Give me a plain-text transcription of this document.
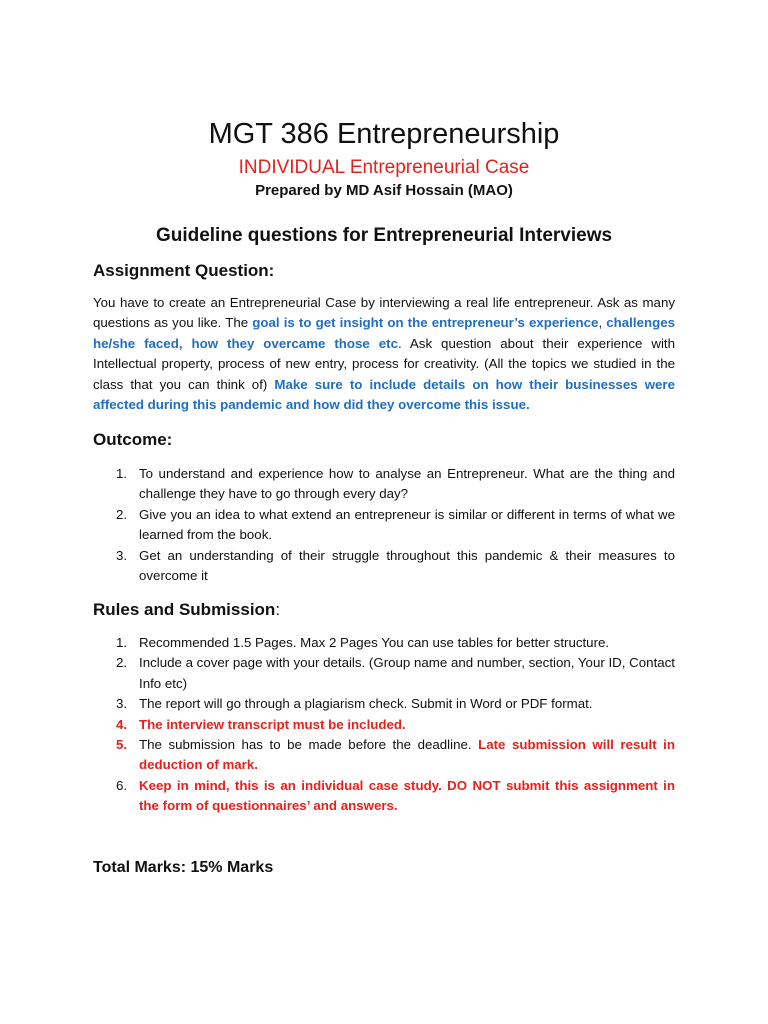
MGT 386 Entrepreneurship
INDIVIDUAL Entrepreneurial Case
Prepared by MD Asif Hossain (MAO)
Guideline questions for Entrepreneurial Interviews
Assignment Question:

You have to create an Entrepreneurial Case by interviewing a real life entrepreneur. Ask as many questions as you like. The goal is to get insight on the entrepreneur’s experience, challenges he/she faced, how they overcame those etc. Ask question about their experience with Intellectual property, process of new entry, process for creativity. (All the topics we studied in the class that you can think of) Make sure to include details on how their businesses were affected during this pandemic and how did they overcome this issue.

Outcome:
1. To understand and experience how to analyse an Entrepreneur. What are the thing and challenge they have to go through every day?
2. Give you an idea to what extend an entrepreneur is similar or different in terms of what we learned from the book.
3. Get an understanding of their struggle throughout this pandemic & their measures to overcome it
Rules and Submission:
1. Recommended 1.5 Pages. Max 2 Pages You can use tables for better structure.
2. Include a cover page with your details. (Group name and number, section, Your ID, Contact Info etc)
3. The report will go through a plagiarism check. Submit in Word or PDF format.
4. The interview transcript must be included.
5. The submission has to be made before the deadline. Late submission will result in deduction of mark.
6. Keep in mind, this is an individual case study. DO NOT submit this assignment in the form of questionnaires’ and answers.
Total Marks: 15% Marks
